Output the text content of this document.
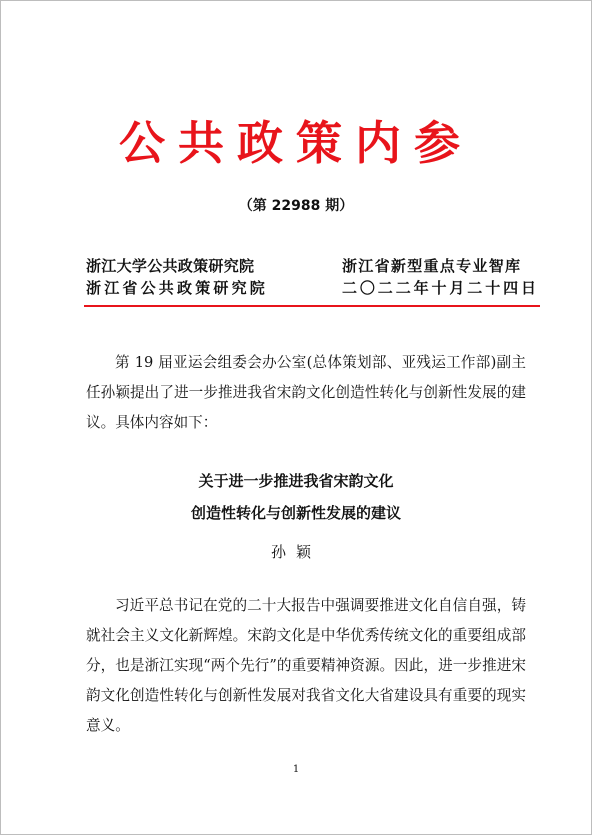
公共政策内参
（第 22988 期）
浙江大学公共政策研究院
浙江省公共政策研究院
浙江省新型重点专业智库
二〇二二年十月二十四日

第 19 届亚运会组委会办公室(总体策划部、亚残运工作部)副主任孙颖提出了进一步推进我省宋韵文化创造性转化与创新性发展的建议。具体内容如下：

关于进一步推进我省宋韵文化
创造性转化与创新性发展的建议
孙颖

习近平总书记在党的二十大报告中强调要推进文化自信自强，铸就社会主义文化新辉煌。宋韵文化是中华优秀传统文化的重要组成部分，也是浙江实现“两个先行”的重要精神资源。因此，进一步推进宋韵文化创造性转化与创新性发展对我省文化大省建设具有重要的现实意义。

1
